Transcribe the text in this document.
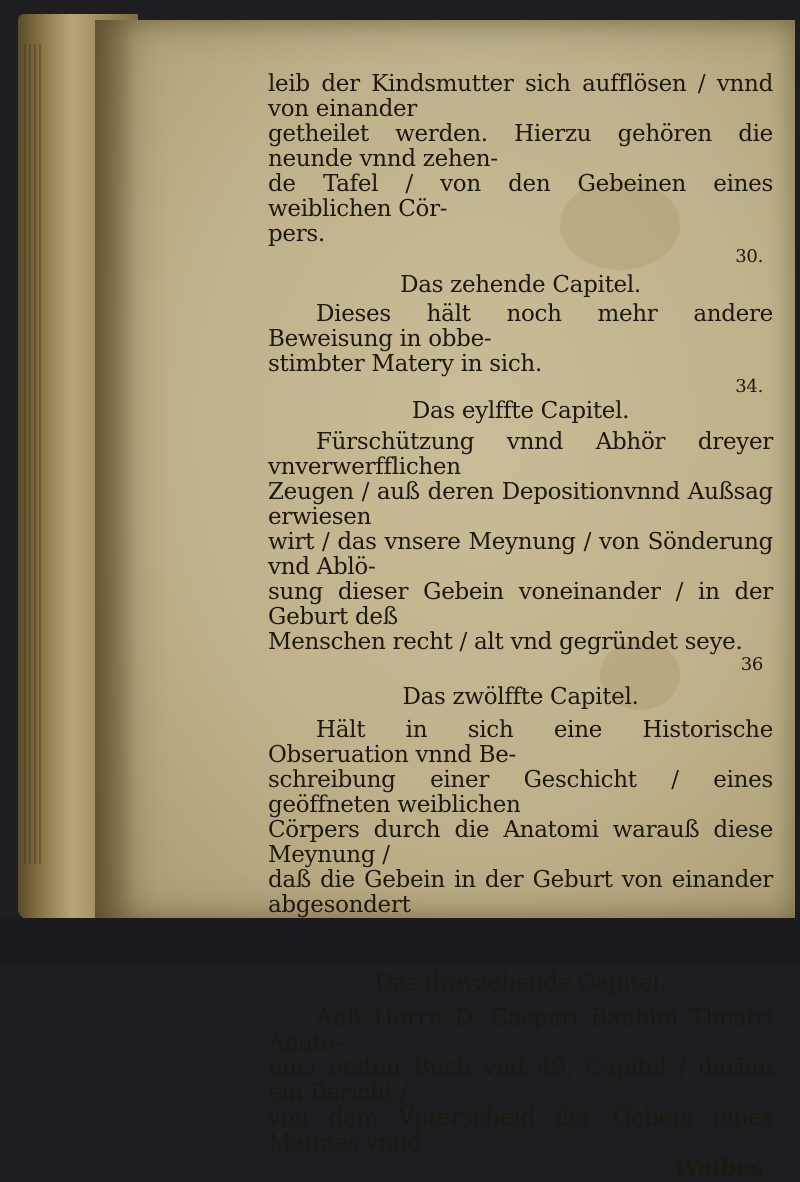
leib der Kindsmutter sich aufflösen / vnnd von einander
getheilet werden. Hierzu gehören die neunde vnnd zehen-
de Tafel / von den Gebeinen eines weiblichen Cör-
pers.

30.

Das zehende Capitel.

Dieses hält noch mehr andere Beweisung in obbe-
stimbter Matery in sich.

34.

Das eylffte Capitel.

Fürschützung vnnd Abhör dreyer vnverwerfflichen
Zeugen / auß deren Depositionvnnd Außsag erwiesen
wirt / das vnsere Meynung / von Sönderung vnd Ablö-
sung dieser Gebein voneinander / in der Geburt deß
Menschen recht / alt vnd gegründet seye.

36

Das zwölffte Capitel.

Hält in sich eine Historische Obseruation vnnd Be-
schreibung einer Geschicht / eines geöffneten weiblichen
Cörpers durch die Anatomi warauß diese Meynung /
daß die Gebein in der Geburt von einander abgesondert

Das dreyzehende Capitel.

Auß Herrn D. Caspari Bauhini Theatri Anato-
mici ersten Buch vnd 49. Capitel / darinn ein Bericht /
von dem Vnterscheid der Gebein eines Mannes vnnd

Weibes
